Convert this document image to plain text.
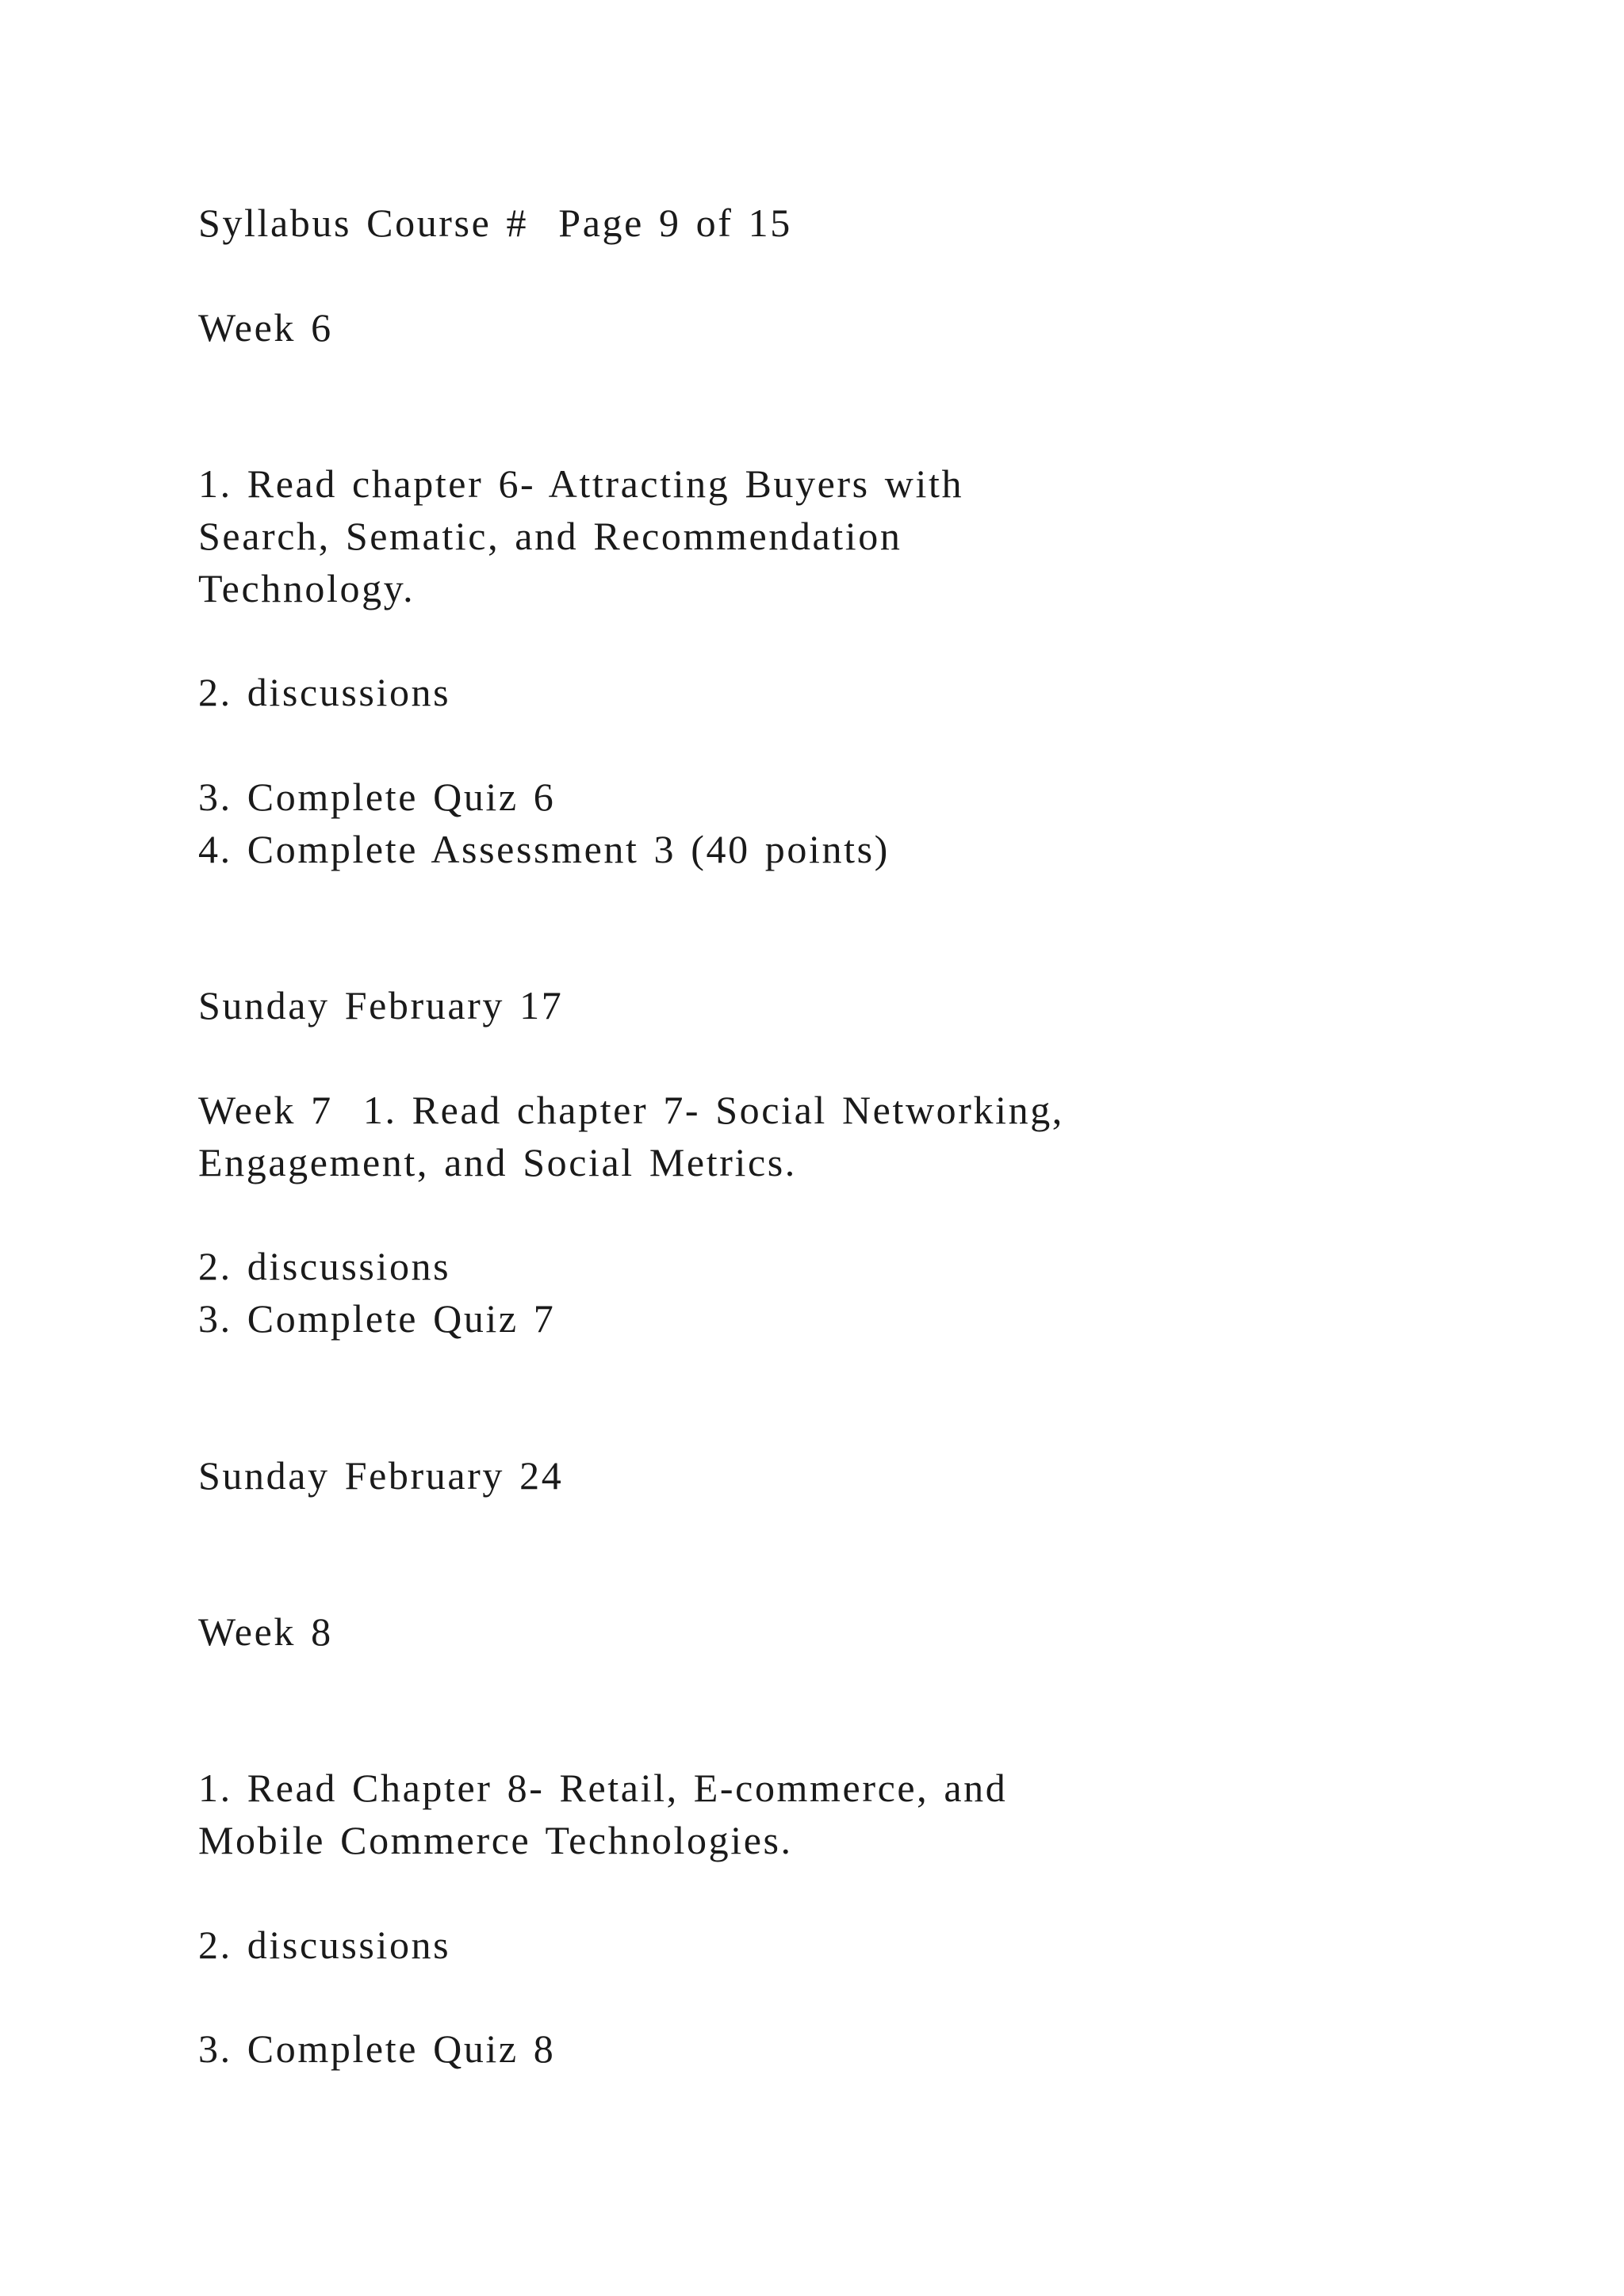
Syllabus Course #  Page 9 of 15

Week 6

1. Read chapter 6- Attracting Buyers with

Search, Sematic, and Recommendation

Technology.

2. discussions

3. Complete Quiz 6

4. Complete Assessment 3 (40 points)

Sunday February 17

Week 7  1. Read chapter 7- Social Networking,

Engagement, and Social Metrics.

2. discussions

3. Complete Quiz 7

Sunday February 24

Week 8

1. Read Chapter 8- Retail, E-commerce, and

Mobile Commerce Technologies.

2. discussions

3. Complete Quiz 8
